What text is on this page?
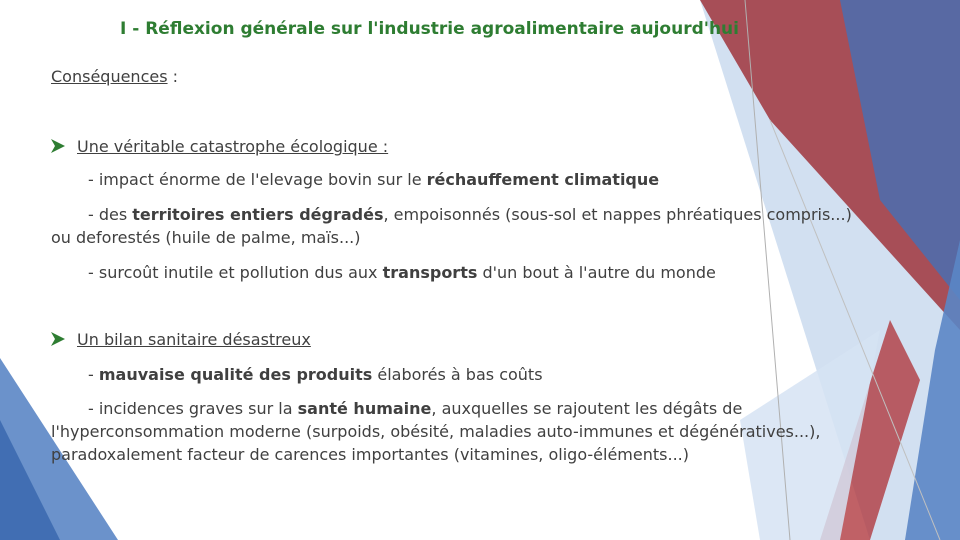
I - Réflexion générale sur l'industrie agroalimentaire aujourd'hui
Conséquences :
Une véritable catastrophe écologique :
- impact énorme de l'elevage bovin sur le réchauffement climatique
- des territoires entiers dégradés, empoisonnés (sous-sol et nappes phréatiques compris...)
ou deforestés (huile de palme, maïs...)
- surcoût inutile et pollution dus aux transports d'un bout à l'autre du monde
Un bilan sanitaire désastreux
- mauvaise qualité des produits élaborés à bas coûts
- incidences graves sur la santé humaine, auxquelles se rajoutent les dégâts de
l'hyperconsommation moderne (surpoids, obésité, maladies auto-immunes et dégénératives...),
paradoxalement facteur de carences importantes (vitamines, oligo-éléments...)
